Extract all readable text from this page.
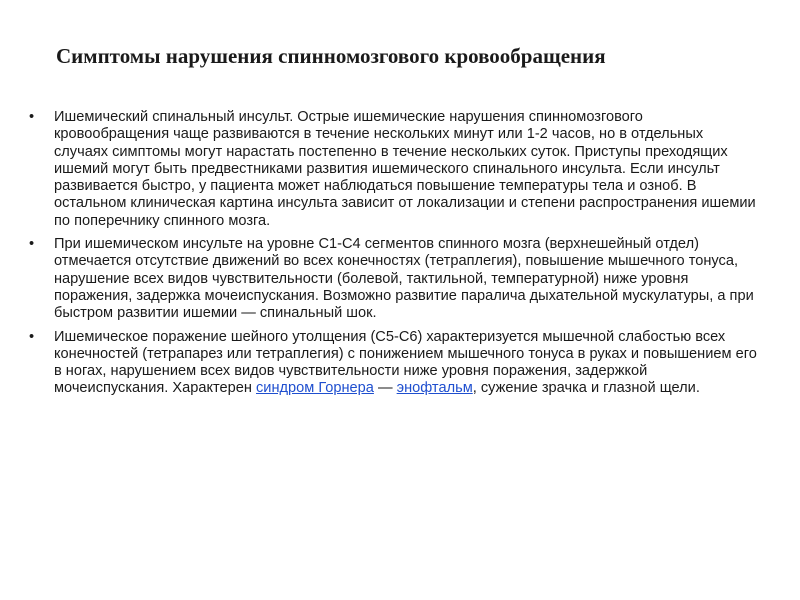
Симптомы нарушения спинномозгового кровообращения
•	Ишемический спинальный инсульт. Острые ишемические нарушения спинномозгового кровообращения чаще развиваются в течение нескольких минут или 1-2 часов, но в отдельных случаях симптомы могут нарастать постепенно в течение нескольких суток. Приступы преходящих ишемий могут быть предвестниками развития ишемического спинального инсульта. Если инсульт развивается быстро, у пациента может наблюдаться повышение температуры тела и озноб. В остальном клиническая картина инсульта зависит от локализации и степени распространения ишемии по поперечнику спинного мозга.
•	При ишемическом инсульте на уровне С1-С4 сегментов спинного мозга (верхнешейный отдел) отмечается отсутствие движений во всех конечностях (тетраплегия), повышение мышечного тонуса, нарушение всех видов чувствительности (болевой, тактильной, температурной) ниже уровня поражения, задержка мочеиспускания. Возможно развитие паралича дыхательной мускулатуры, а при быстром развитии ишемии — спинальный шок.
•	Ишемическое поражение шейного утолщения (С5-С6) характеризуется мышечной слабостью всех конечностей (тетрапарез или тетраплегия) с понижением мышечного тонуса в руках и повышением его в ногах, нарушением всех видов чувствительности ниже уровня поражения, задержкой мочеиспускания. Характерен синдром Горнера — энофтальм, сужение зрачка и глазной щели.
